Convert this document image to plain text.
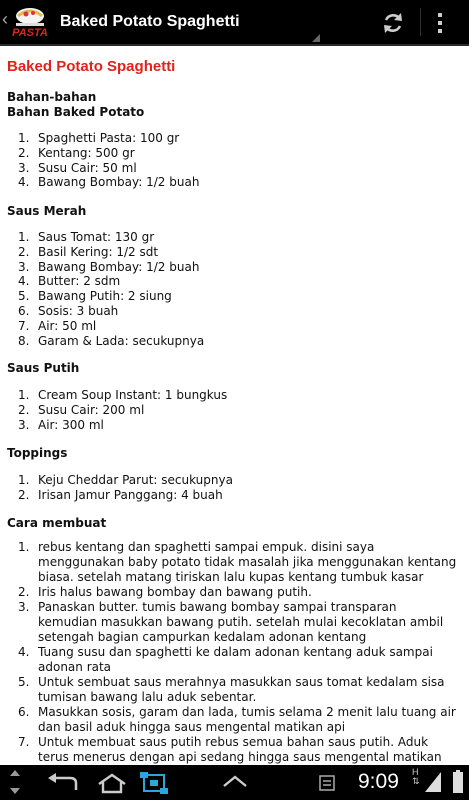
‹
PASTA
Baked Potato Spaghetti
Baked Potato Spaghetti
Bahan-bahan
Bahan Baked Potato
1. Spaghetti Pasta: 100 gr
2. Kentang: 500 gr
3. Susu Cair: 50 ml
4. Bawang Bombay: 1/2 buah
Saus Merah
1. Saus Tomat: 130 gr
2. Basil Kering: 1/2 sdt
3. Bawang Bombay: 1/2 buah
4. Butter: 2 sdm
5. Bawang Putih: 2 siung
6. Sosis: 3 buah
7. Air: 50 ml
8. Garam & Lada: secukupnya
Saus Putih
1. Cream Soup Instant: 1 bungkus
2. Susu Cair: 200 ml
3. Air: 300 ml
Toppings
1. Keju Cheddar Parut: secukupnya
2. Irisan Jamur Panggang: 4 buah
Cara membuat
1. rebus kentang dan spaghetti sampai empuk. disini saya menggunakan baby potato tidak masalah jika menggunakan kentang biasa. setelah matang tiriskan lalu kupas kentang tumbuk kasar
2. Iris halus bawang bombay dan bawang putih.
3. Panaskan butter. tumis bawang bombay sampai transparan kemudian masukkan bawang putih. setelah mulai kecoklatan ambil setengah bagian campurkan kedalam adonan kentang
4. Tuang susu dan spaghetti ke dalam adonan kentang aduk sampai adonan rata
5. Untuk sembuat saus merahnya masukkan saus tomat kedalam sisa tumisan bawang lalu aduk sebentar.
6. Masukkan sosis, garam dan lada, tumis selama 2 menit lalu tuang air dan basil aduk hingga saus mengental matikan api
7. Untuk membuat saus putih rebus semua bahan saus putih. Aduk terus menerus dengan api sedang hingga saus mengental matikan
9:09 H
⇅
